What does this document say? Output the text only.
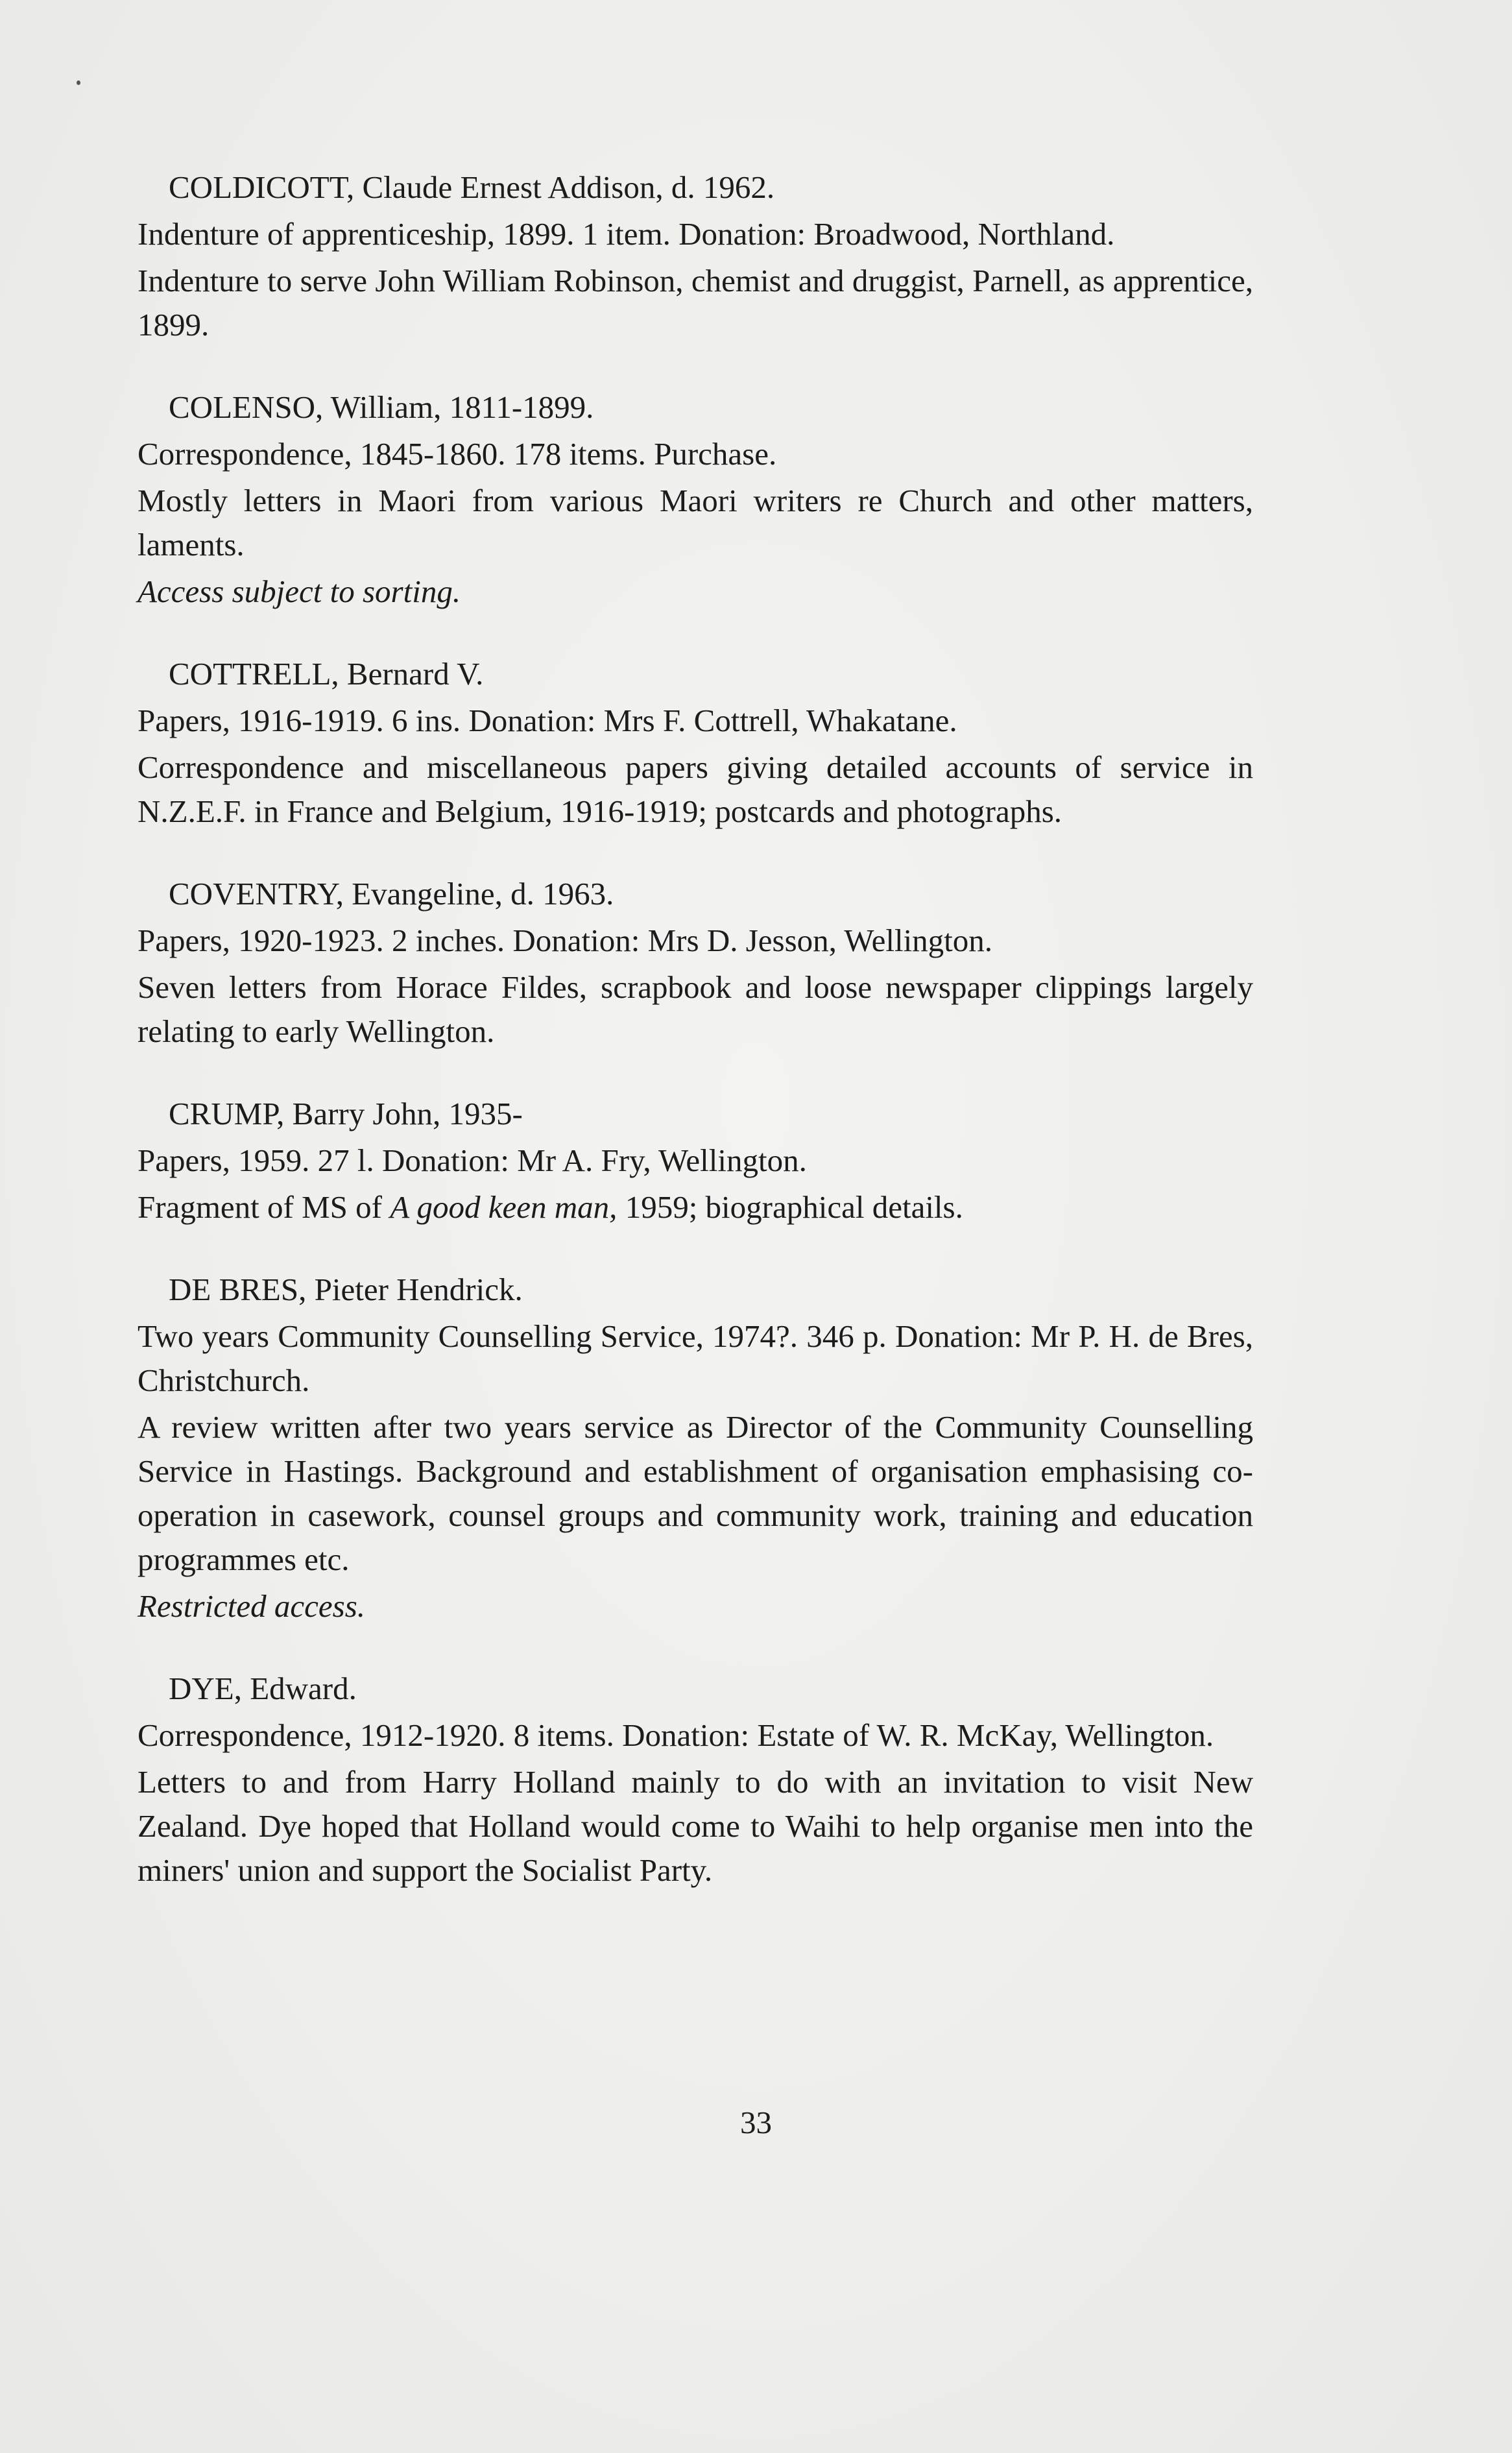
COLDICOTT, Claude Ernest Addison, d. 1962.

Indenture of apprenticeship, 1899. 1 item. Donation: Broadwood, Northland.

Indenture to serve John William Robinson, chemist and druggist, Parnell, as apprentice, 1899.

COLENSO, William, 1811-1899.

Correspondence, 1845-1860. 178 items. Purchase.

Mostly letters in Maori from various Maori writers re Church and other matters, laments.

Access subject to sorting.

COTTRELL, Bernard V.

Papers, 1916-1919. 6 ins. Donation: Mrs F. Cottrell, Whakatane.

Correspondence and miscellaneous papers giving detailed accounts of service in N.Z.E.F. in France and Belgium, 1916-1919; postcards and photographs.

COVENTRY, Evangeline, d. 1963.

Papers, 1920-1923. 2 inches. Donation: Mrs D. Jesson, Wellington.

Seven letters from Horace Fildes, scrapbook and loose newspaper clippings largely relating to early Wellington.

CRUMP, Barry John, 1935-

Papers, 1959. 27 l. Donation: Mr A. Fry, Wellington.

Fragment of MS of A good keen man, 1959; biographical details.

DE BRES, Pieter Hendrick.

Two years Community Counselling Service, 1974?. 346 p. Donation: Mr P. H. de Bres, Christchurch.

A review written after two years service as Director of the Community Counselling Service in Hastings. Background and establishment of organisation emphasising co-operation in casework, counsel groups and community work, training and education programmes etc.

Restricted access.

DYE, Edward.

Correspondence, 1912-1920. 8 items. Donation: Estate of W. R. McKay, Wellington.

Letters to and from Harry Holland mainly to do with an invitation to visit New Zealand. Dye hoped that Holland would come to Waihi to help organise men into the miners' union and support the Socialist Party.

33
